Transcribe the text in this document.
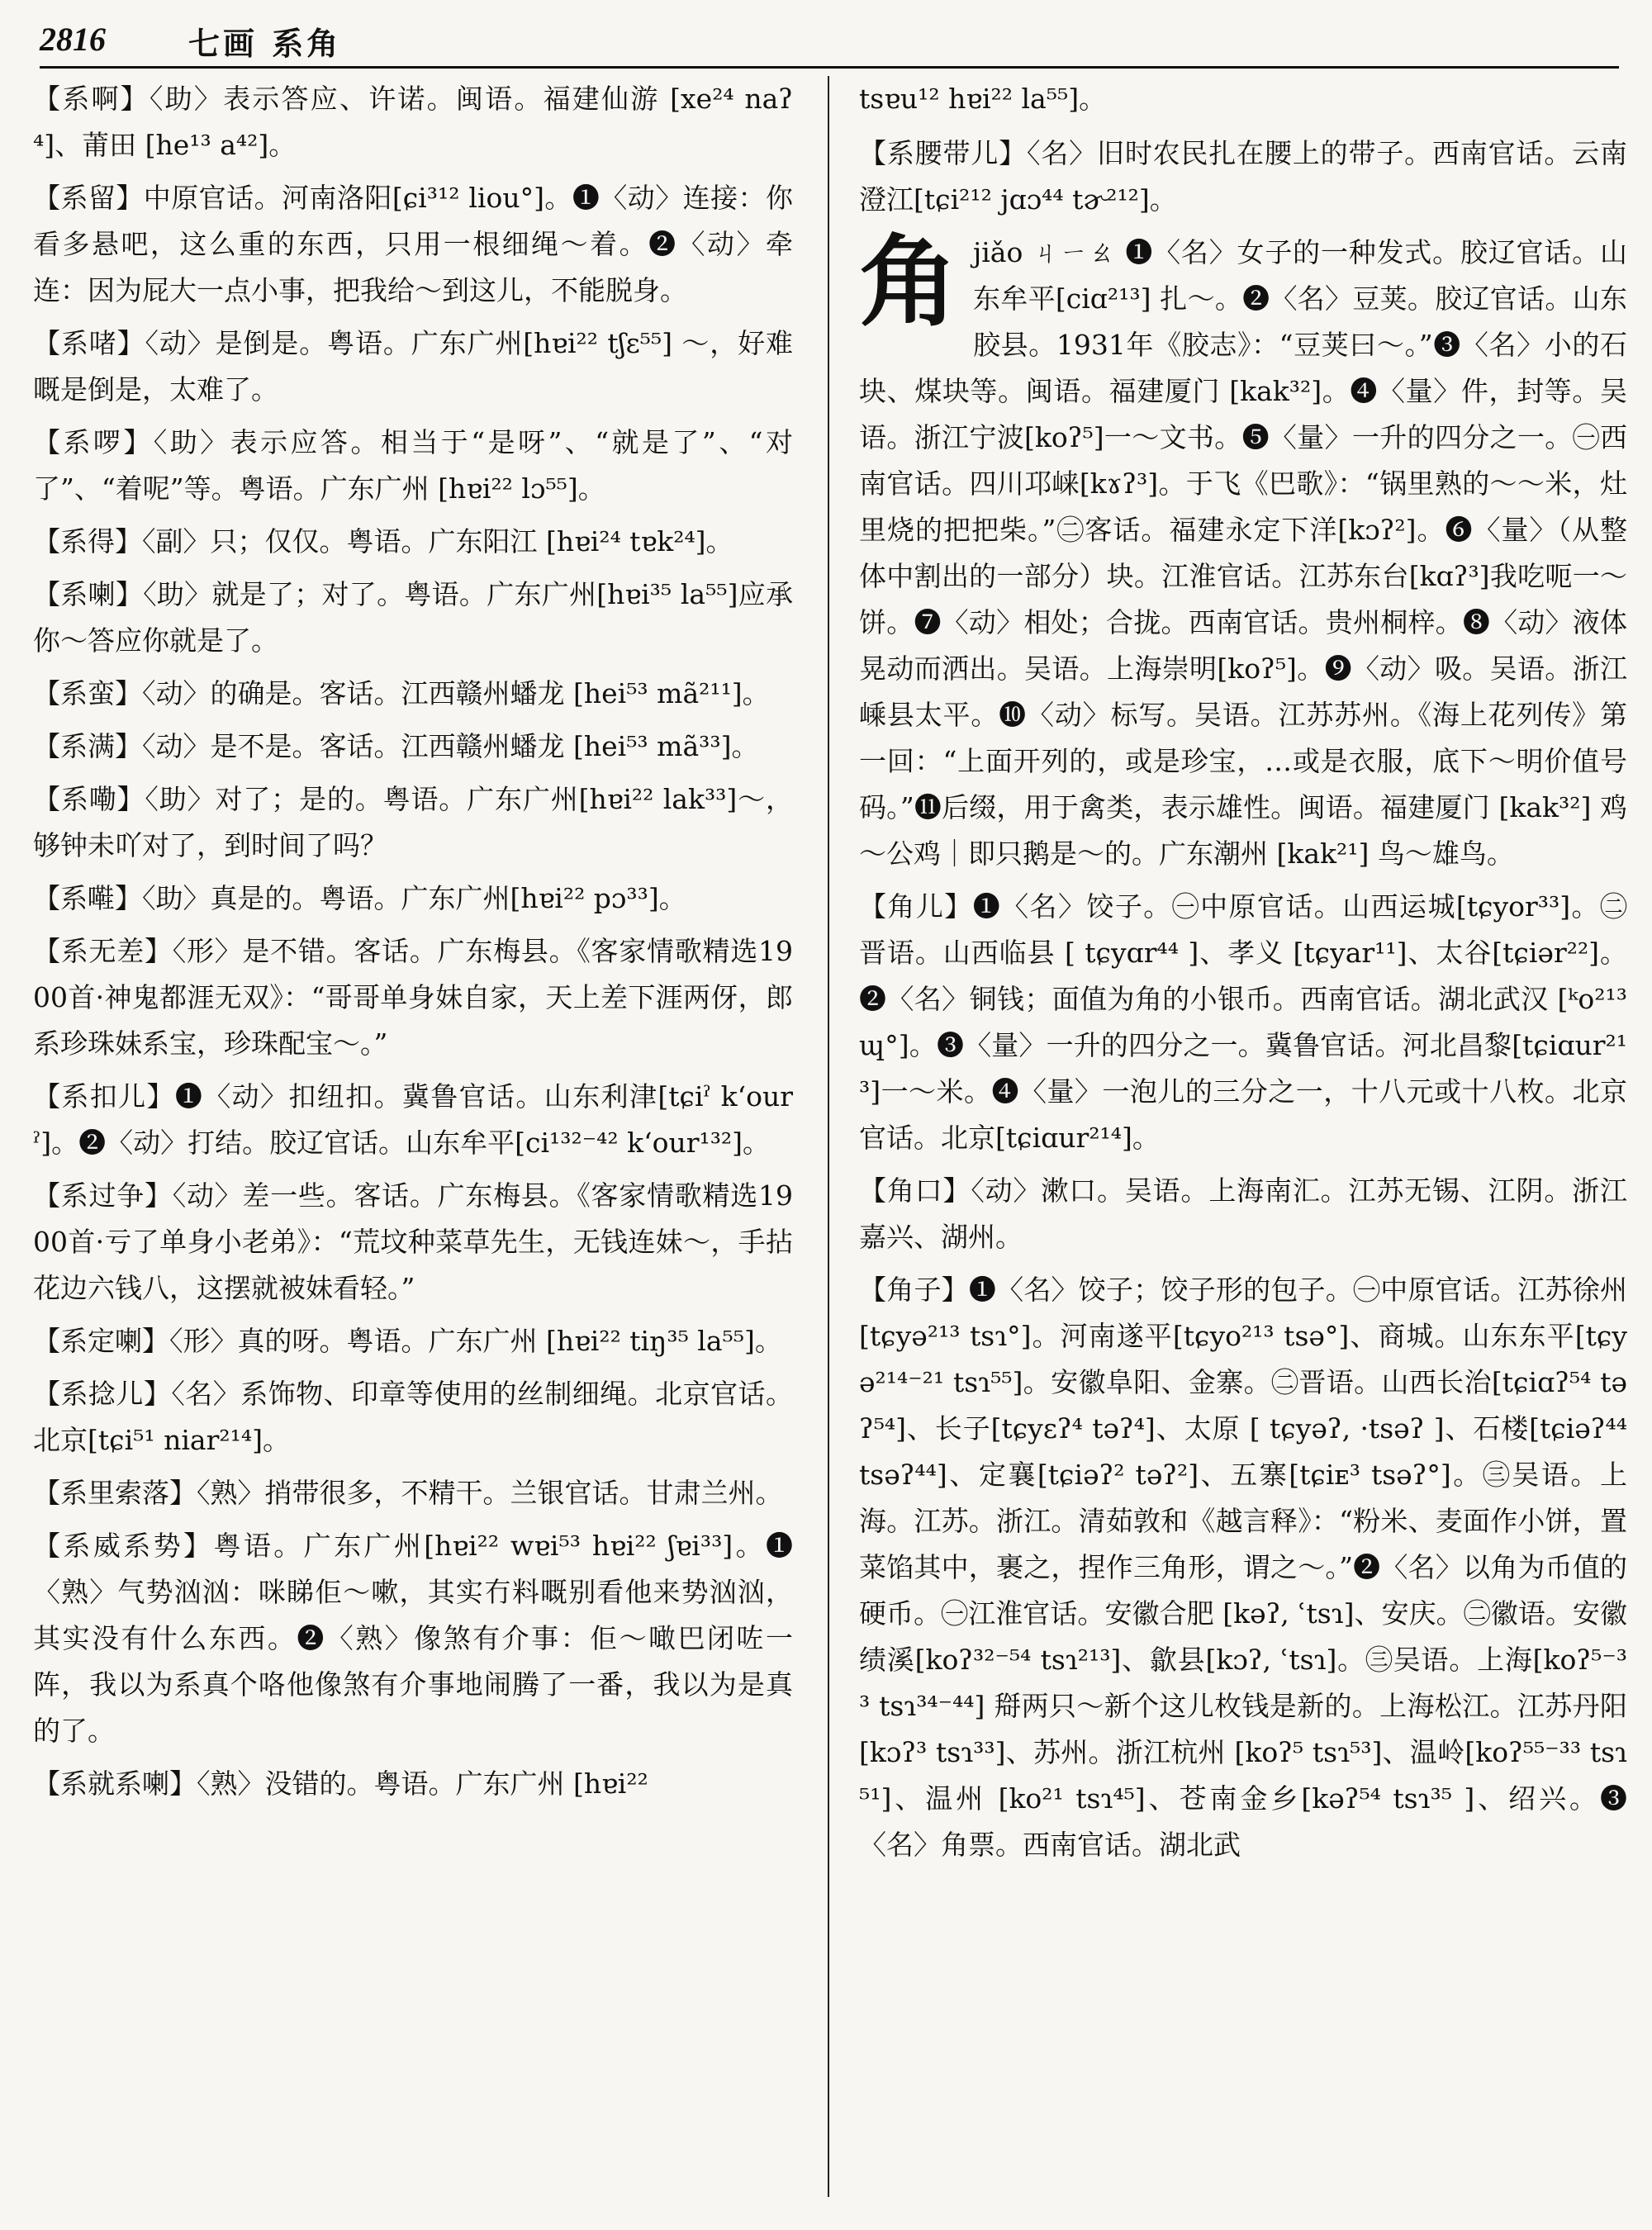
2816	七画 系角

【系啊】〈助〉表示答应、许诺。闽语。福建仙游 [xe²⁴ naʔ⁴]、莆田 [he¹³ a⁴²]。

【系留】中原官话。河南洛阳[ɕi³¹² liou°]。❶〈动〉连接：你看多悬吧，这么重的东西，只用一根细绳～着。❷〈动〉牵连：因为屁大一点小事，把我给～到这儿，不能脱身。

【系啫】〈动〉是倒是。粤语。广东广州[hɐi²² tʃɛ⁵⁵] ～，好难嘅是倒是，太难了。

【系啰】〈助〉表示应答。相当于“是呀”、“就是了”、“对了”、“着呢”等。粤语。广东广州 [hɐi²² lɔ⁵⁵]。

【系得】〈副〉只；仅仅。粤语。广东阳江 [hɐi²⁴ tɐk²⁴]。

【系喇】〈助〉就是了；对了。粤语。广东广州[hɐi³⁵ la⁵⁵]应承你～答应你就是了。

【系蛮】〈动〉的确是。客话。江西赣州蟠龙 [hei⁵³ mã²¹¹]。

【系满】〈动〉是不是。客话。江西赣州蟠龙 [hei⁵³ mã³³]。

【系嘞】〈助〉对了；是的。粤语。广东广州[hɐi²² lak³³]～，够钟未吖对了，到时间了吗？

【系嚡】〈助〉真是的。粤语。广东广州[hɐi²² pɔ³³]。

【系无差】〈形〉是不错。客话。广东梅县。《客家情歌精选1900首·神鬼都涯无双》：“哥哥单身妹自家，天上差下涯两伢，郎系珍珠妹系宝，珍珠配宝～。”

【系扣儿】❶〈动〉扣纽扣。冀鲁官话。山东利津[tɕiˀ k‘ourˀ]。❷〈动〉打结。胶辽官话。山东牟平[ci¹³²⁻⁴² k‘our¹³²]。

【系过争】〈动〉差一些。客话。广东梅县。《客家情歌精选1900首·亏了单身小老弟》：“荒坟种菜草先生，无钱连妹～，手拈花边六钱八，这摆就被妹看轻。”

【系定喇】〈形〉真的呀。粤语。广东广州 [hɐi²² tiŋ³⁵ la⁵⁵]。

【系捻儿】〈名〉系饰物、印章等使用的丝制细绳。北京官话。北京[tɕi⁵¹ niar²¹⁴]。

【系里索落】〈熟〉捎带很多，不精干。兰银官话。甘肃兰州。

【系威系势】粤语。广东广州[hɐi²² wɐi⁵³ hɐi²² ʃɐi³³]。❶〈熟〉气势汹汹：咪睇佢～嗽，其实冇料嘅别看他来势汹汹，其实没有什么东西。❷〈熟〉像煞有介事：佢～噉巴闭咗一阵，我以为系真个咯他像煞有介事地闹腾了一番，我以为是真的了。

【系就系喇】〈熟〉没错的。粤语。广东广州 [hɐi²²

tsɐu¹² hɐi²² la⁵⁵]。

【系腰带儿】〈名〉旧时农民扎在腰上的带子。西南官话。云南澄江[tɕi²¹² jɑɔ⁴⁴ tɚ²¹²]。

角 jiǎo ㄐㄧㄠ ❶〈名〉女子的一种发式。胶辽官话。山东牟平[ciɑ²¹³] 扎～。❷〈名〉豆荚。胶辽官话。山东胶县。1931年《胶志》：“豆荚曰～。”❸〈名〉小的石块、煤块等。闽语。福建厦门 [kak³²]。❹〈量〉件，封等。吴语。浙江宁波[koʔ⁵]一～文书。❺〈量〉一升的四分之一。㊀西南官话。四川邛崃[kɤʔ³]。于飞《巴歌》：“锅里熟的～～米，灶里烧的把把柴。”㊁客话。福建永定下洋[kɔʔ²]。❻〈量〉（从整体中割出的一部分）块。江淮官话。江苏东台[kɑʔ³]我吃呃一～饼。❼〈动〉相处；合拢。西南官话。贵州桐梓。❽〈动〉液体晃动而洒出。吴语。上海崇明[koʔ⁵]。❾〈动〉吸。吴语。浙江嵊县太平。❿〈动〉标写。吴语。江苏苏州。《海上花列传》第一回：“上面开列的，或是珍宝，…或是衣服，底下～明价值号码。”⓫后缀，用于禽类，表示雄性。闽语。福建厦门 [kak³²] 鸡～公鸡｜即只鹅是～的。广东潮州 [kak²¹] 鸟～雄鸟。

【角儿】❶〈名〉饺子。㊀中原官话。山西运城[tɕyor³³]。㊁晋语。山西临县 [ tɕyɑr⁴⁴ ]、孝义 [tɕyar¹¹]、太谷[tɕiər²²]。❷〈名〉铜钱；面值为角的小银币。西南官话。湖北武汉 [ᵏo²¹³ ɰ°]。❸〈量〉一升的四分之一。冀鲁官话。河北昌黎[tɕiɑur²¹³]一～米。❹〈量〉一泡儿的三分之一，十八元或十八枚。北京官话。北京[tɕiɑur²¹⁴]。

【角口】〈动〉漱口。吴语。上海南汇。江苏无锡、江阴。浙江嘉兴、湖州。

【角子】❶〈名〉饺子；饺子形的包子。㊀中原官话。江苏徐州[tɕyə²¹³ tsɿ°]。河南遂平[tɕyo²¹³ tsə°]、商城。山东东平[tɕyə²¹⁴⁻²¹ tsɿ⁵⁵]。安徽阜阳、金寨。㊁晋语。山西长治[tɕiɑʔ⁵⁴ təʔ⁵⁴]、长子[tɕyɛʔ⁴ təʔ⁴]、太原 [ tɕyəʔ, ·tsəʔ ]、石楼[tɕiəʔ⁴⁴ tsəʔ⁴⁴]、定襄[tɕiəʔ² təʔ²]、五寨[tɕiᴇ³ tsəʔ°]。㊂吴语。上海。江苏。浙江。清茹敦和《越言释》：“粉米、麦面作小饼，置菜馅其中，裹之，捏作三角形，谓之～。”❷〈名〉以角为币值的硬币。㊀江淮官话。安徽合肥 [kəʔ, ʿtsɿ]、安庆。㊁徽语。安徽绩溪[koʔ³²⁻⁵⁴ tsɿ²¹³]、歙县[kɔʔ, ʿtsɿ]。㊂吴语。上海[koʔ⁵⁻³³ tsɿ³⁴⁻⁴⁴] 搿两只～新个这儿枚钱是新的。上海松江。江苏丹阳[kɔʔ³ tsɿ³³]、苏州。浙江杭州 [koʔ⁵ tsɿ⁵³]、温岭[koʔ⁵⁵⁻³³ tsɿ⁵¹]、温州 [ko²¹ tsɿ⁴⁵]、苍南金乡[kəʔ⁵⁴ tsɿ³⁵ ]、绍兴。❸〈名〉角票。西南官话。湖北武
